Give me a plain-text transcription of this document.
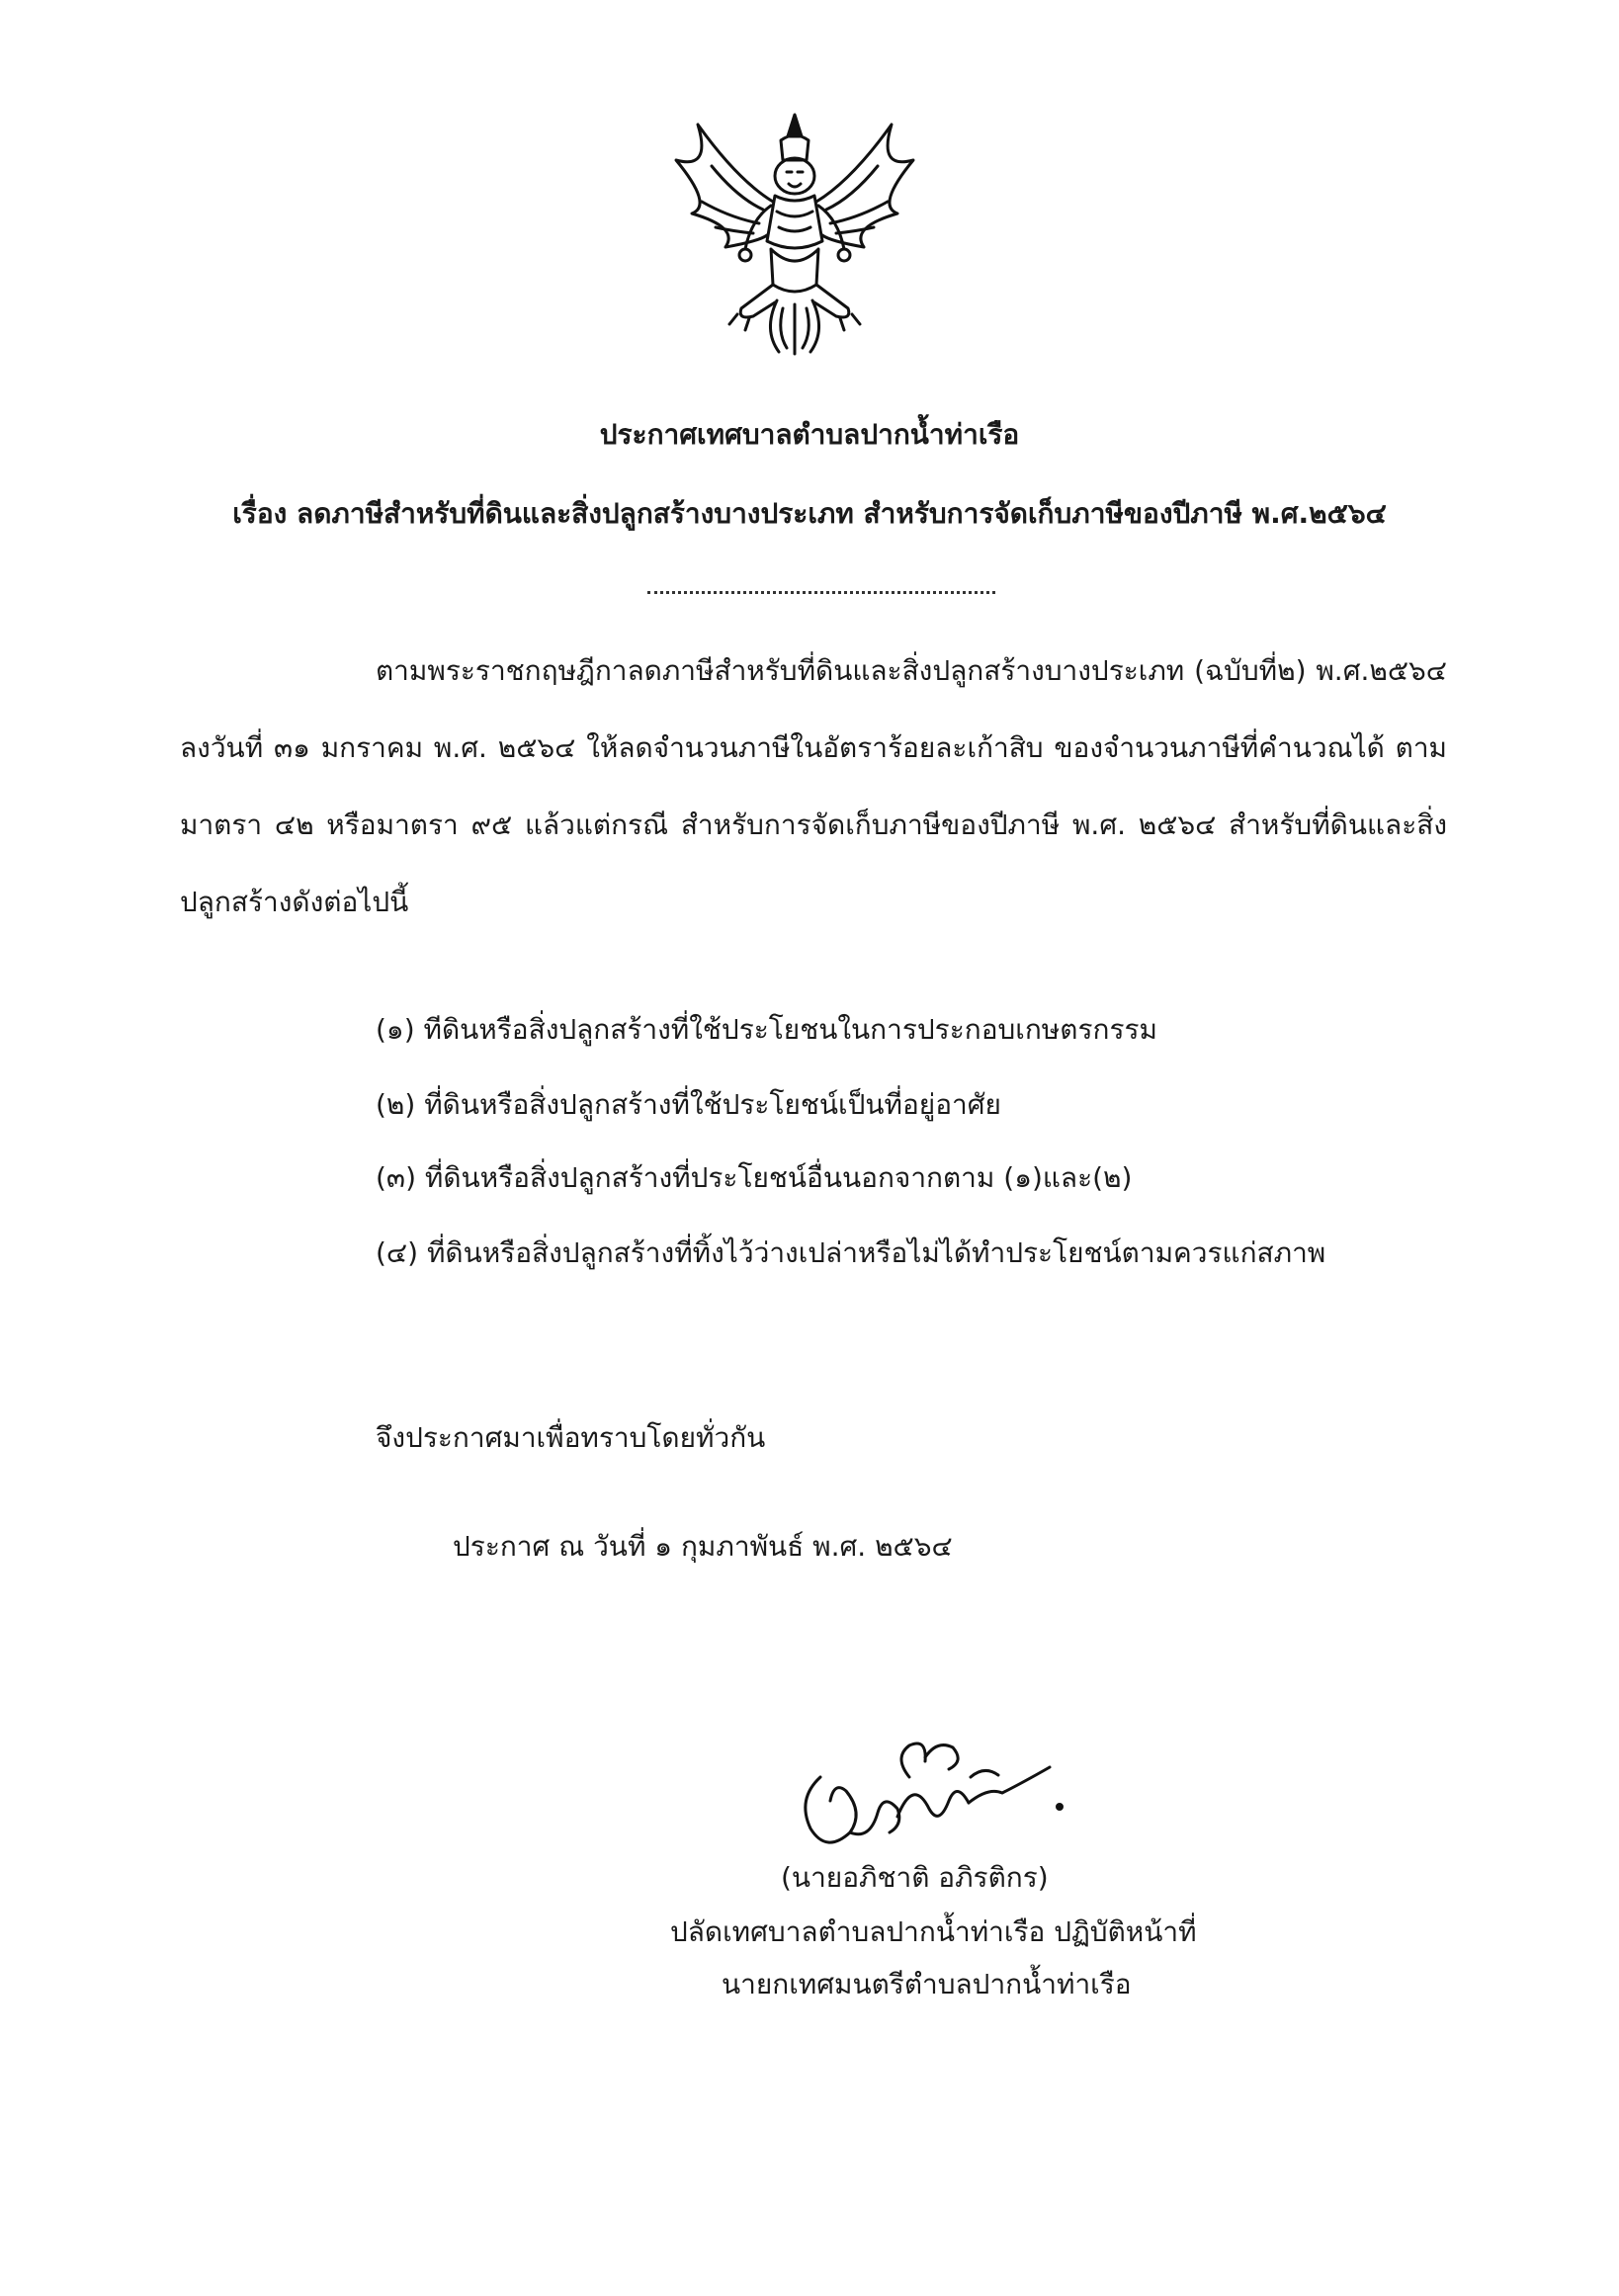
ประกาศเทศบาลตำบลปากน้ำท่าเรือ
เรื่อง ลดภาษีสำหรับที่ดินและสิ่งปลูกสร้างบางประเภท สำหรับการจัดเก็บภาษีของปีภาษี พ.ศ.๒๕๖๔
ตามพระราชกฤษฎีกาลดภาษีสำหรับที่ดินและสิ่งปลูกสร้างบางประเภท (ฉบับที่๒) พ.ศ.๒๕๖๔ ลงวันที่ ๓๑ มกราคม พ.ศ. ๒๕๖๔ ให้ลดจำนวนภาษีในอัตราร้อยละเก้าสิบ ของจำนวนภาษีที่คำนวณได้ ตาม มาตรา ๔๒ หรือมาตรา ๙๕ แล้วแต่กรณี สำหรับการจัดเก็บภาษีของปีภาษี พ.ศ. ๒๕๖๔ สำหรับที่ดินและสิ่ง ปลูกสร้างดังต่อไปนี้
(๑) ทีดินหรือสิ่งปลูกสร้างที่ใช้ประโยชนในการประกอบเกษตรกรรม
(๒) ที่ดินหรือสิ่งปลูกสร้างที่ใช้ประโยชน์เป็นที่อยู่อาศัย
(๓) ที่ดินหรือสิ่งปลูกสร้างที่ประโยชน์อื่นนอกจากตาม (๑)และ(๒)
(๔) ที่ดินหรือสิ่งปลูกสร้างที่ทิ้งไว้ว่างเปล่าหรือไม่ได้ทำประโยชน์ตามควรแก่สภาพ
จึงประกาศมาเพื่อทราบโดยทั่วกัน
ประกาศ ณ วันที่ ๑ กุมภาพันธ์ พ.ศ. ๒๕๖๔
(นายอภิชาติ อภิรติกร)
ปลัดเทศบาลตำบลปากน้ำท่าเรือ ปฏิบัติหน้าที่
นายกเทศมนตรีตำบลปากน้ำท่าเรือ
